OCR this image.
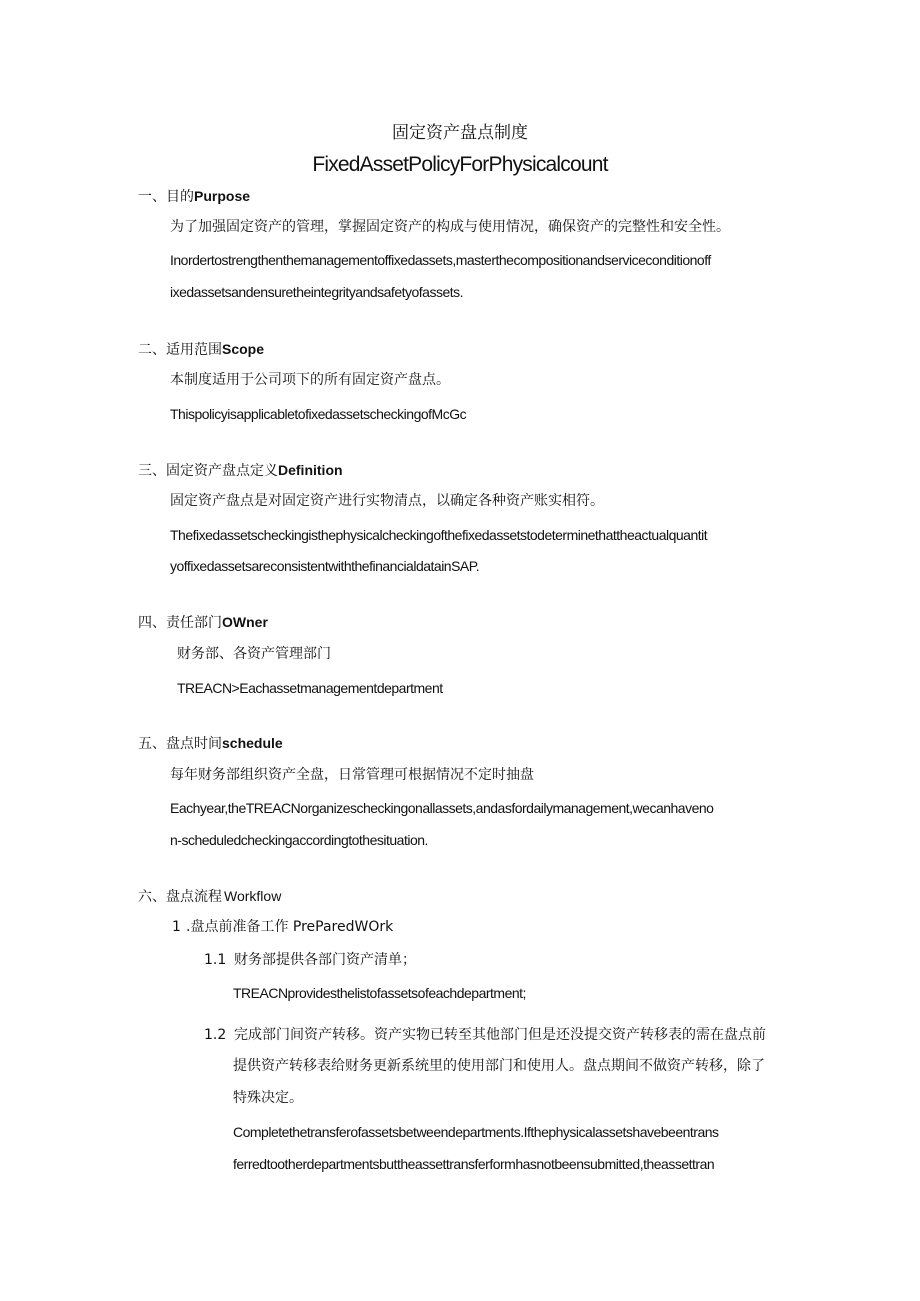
固定资产盘点制度
FixedAssetPolicyForPhysicalcount
一、目的Purpose
为了加强固定资产的管理，掌握固定资产的构成与使用情况，确保资产的完整性和安全性。
Inordertostrengthenthemanagementoffixedassets,masterthecompositionandserviceconditionoff
ixedassetsandensuretheintegrityandsafetyofassets.
二、适用范围Scope
本制度适用于公司项下的所有固定资产盘点。
ThispolicyisapplicabletofixedassetscheckingofMcGc
三、固定资产盘点定义Definition
固定资产盘点是对固定资产进行实物清点，以确定各种资产账实相符。
Thefixedassetscheckingisthephysicalcheckingofthefixedassetstodeterminethattheactualquantit
yoffixedassetsareconsistentwiththefinancialdatainSAP.
四、责任部门OWner
财务部、各资产管理部门
TREACN>Eachassetmanagementdepartment
五、盘点时间schedule
每年财务部组织资产全盘，日常管理可根据情况不定时抽盘
Eachyear,theTREACNorganizescheckingonallassets,andasfordailymanagement,wecanhaveno
n-scheduledcheckingaccordingtothesituation.
六、盘点流程 Workflow
1 .盘点前准备工作 PreParedWOrk
1.1 财务部提供各部门资产清单；
TREACNprovidesthelistofassetsofeachdepartment;
1.2 完成部门间资产转移。资产实物已转至其他部门但是还没提交资产转移表的需在盘点前
提供资产转移表给财务更新系统里的使用部门和使用人。盘点期间不做资产转移，除了
特殊决定。
Completethetransferofassetsbetweendepartments.Ifthephysicalassetshavebeentrans
ferredtootherdepartmentsbuttheassettransferformhasnotbeensubmitted,theassettran
